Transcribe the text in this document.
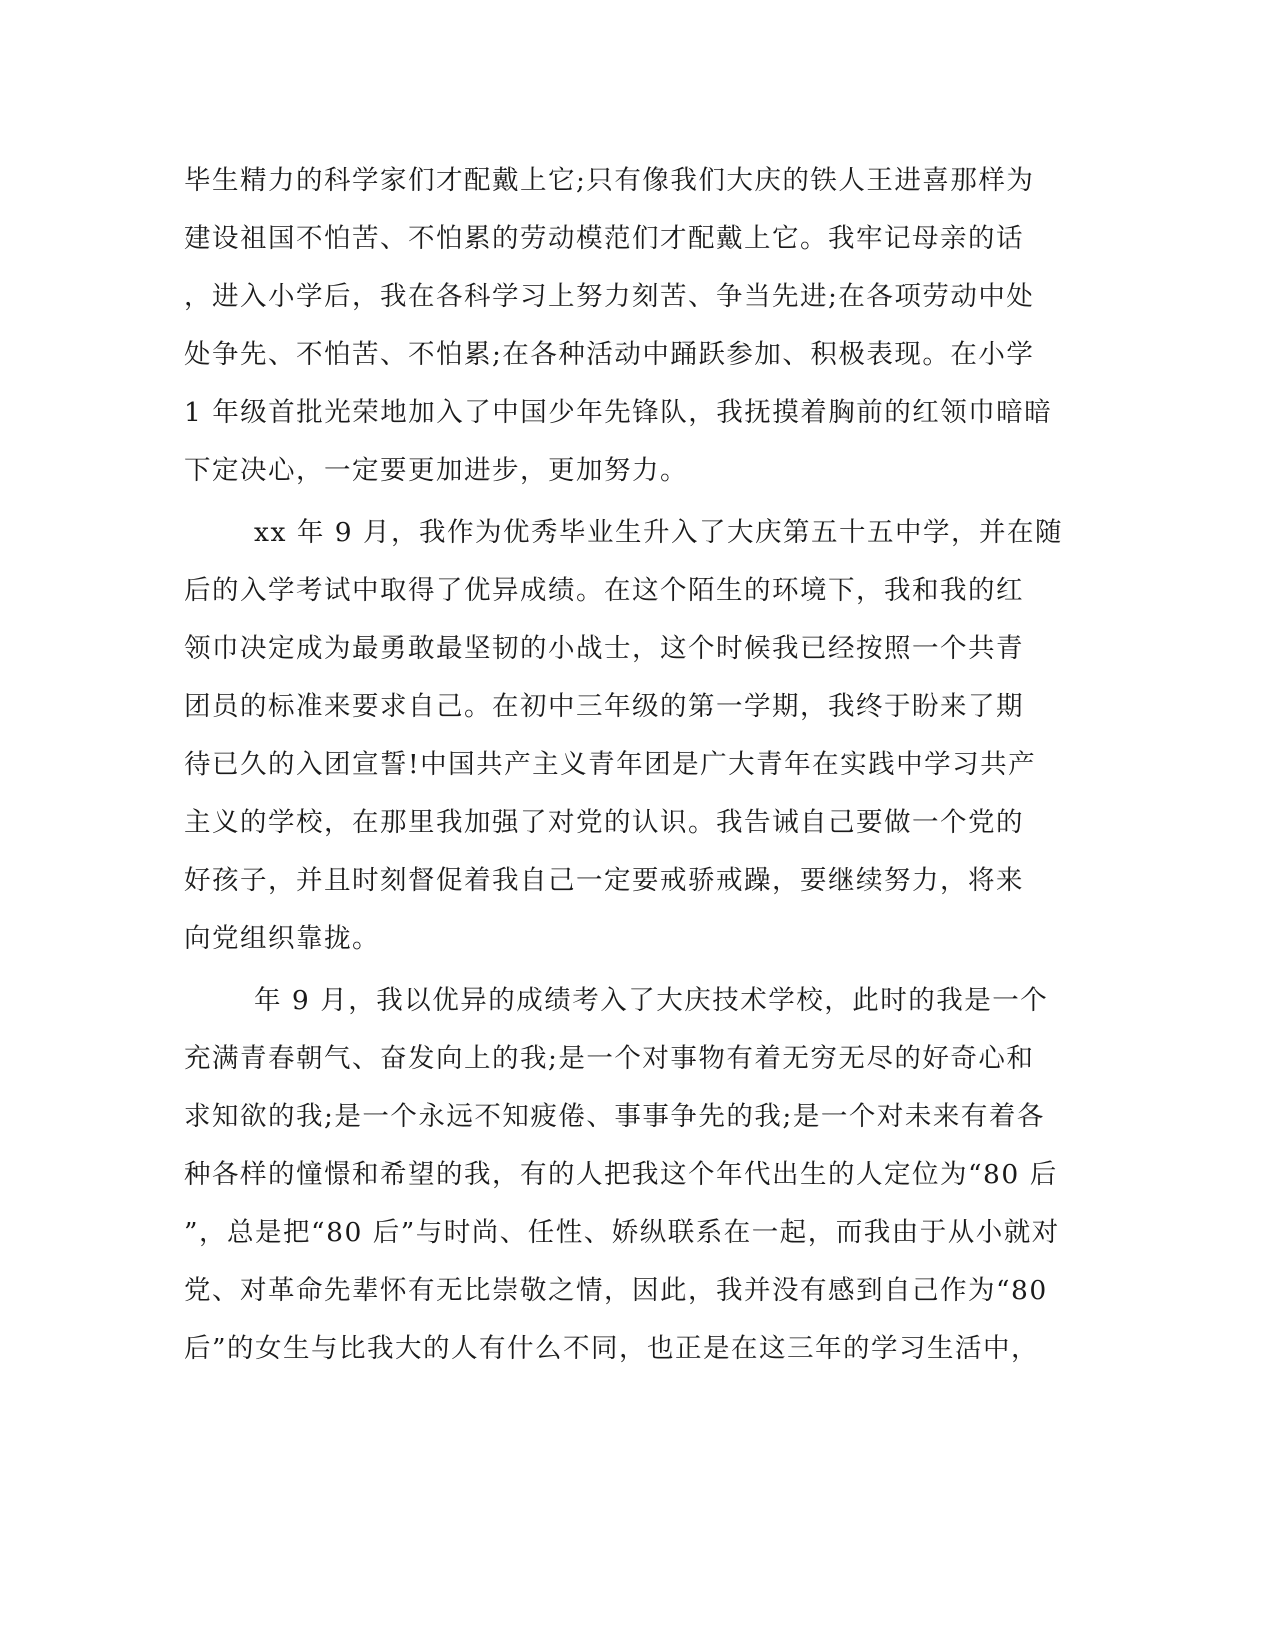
毕生精力的科学家们才配戴上它;只有像我们大庆的铁人王进喜那样为

建设祖国不怕苦、不怕累的劳动模范们才配戴上它。我牢记母亲的话

，进入小学后，我在各科学习上努力刻苦、争当先进;在各项劳动中处

处争先、不怕苦、不怕累;在各种活动中踊跃参加、积极表现。在小学

1 年级首批光荣地加入了中国少年先锋队，我抚摸着胸前的红领巾暗暗

下定决心，一定要更加进步，更加努力。

xx 年 9 月，我作为优秀毕业生升入了大庆第五十五中学，并在随

后的入学考试中取得了优异成绩。在这个陌生的环境下，我和我的红

领巾决定成为最勇敢最坚韧的小战士，这个时候我已经按照一个共青

团员的标准来要求自己。在初中三年级的第一学期，我终于盼来了期

待已久的入团宣誓!中国共产主义青年团是广大青年在实践中学习共产

主义的学校，在那里我加强了对党的认识。我告诫自己要做一个党的

好孩子，并且时刻督促着我自己一定要戒骄戒躁，要继续努力，将来

向党组织靠拢。

年 9 月，我以优异的成绩考入了大庆技术学校，此时的我是一个

充满青春朝气、奋发向上的我;是一个对事物有着无穷无尽的好奇心和

求知欲的我;是一个永远不知疲倦、事事争先的我;是一个对未来有着各

种各样的憧憬和希望的我，有的人把我这个年代出生的人定位为“80 后

”，总是把“80 后”与时尚、任性、娇纵联系在一起，而我由于从小就对

党、对革命先辈怀有无比崇敬之情，因此，我并没有感到自己作为“80

后”的女生与比我大的人有什么不同，也正是在这三年的学习生活中，
